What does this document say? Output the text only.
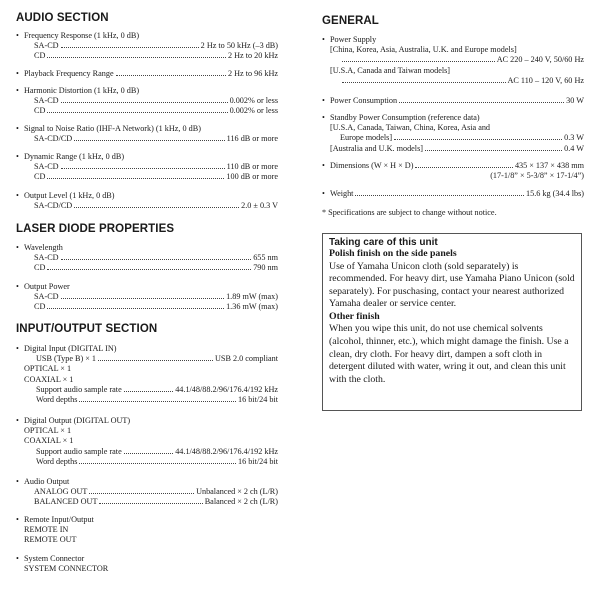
AUDIO SECTION
• Frequency Response (1 kHz, 0 dB)
SA-CD	2 Hz to 50 kHz (–3 dB)
CD	2 Hz to 20 kHz
• Playback Frequency Range	2 Hz to 96 kHz
• Harmonic Distortion (1 kHz, 0 dB)
SA-CD	0.002% or less
CD	0.002% or less
• Signal to Noise Ratio (IHF-A Network) (1 kHz, 0 dB)
SA-CD/CD	116 dB or more
• Dynamic Range (1 kHz, 0 dB)
SA-CD	110 dB or more
CD	100 dB or more
• Output Level (1 kHz, 0 dB)
SA-CD/CD	2.0 ± 0.3 V
LASER DIODE PROPERTIES
• Wavelength
SA-CD	655 nm
CD	790 nm
• Output Power
SA-CD	1.89 mW (max)
CD	1.36 mW (max)
INPUT/OUTPUT SECTION
• Digital Input (DIGITAL IN)
USB (Type B) × 1	USB 2.0 compliant
OPTICAL × 1
COAXIAL × 1
Support audio sample rate	44.1/48/88.2/96/176.4/192 kHz
Word depths	16 bit/24 bit
• Digital Output (DIGITAL OUT)
OPTICAL × 1
COAXIAL × 1
Support audio sample rate	44.1/48/88.2/96/176.4/192 kHz
Word depths	16 bit/24 bit
• Audio Output
ANALOG OUT	Unbalanced × 2 ch (L/R)
BALANCED OUT	Balanced × 2 ch (L/R)
• Remote Input/Output
REMOTE IN
REMOTE OUT
• System Connector
SYSTEM CONNECTOR
GENERAL
• Power Supply
[China, Korea, Asia, Australia, U.K. and Europe models]
AC 220 – 240 V, 50/60 Hz
[U.S.A, Canada and Taiwan models]
AC 110 – 120 V, 60 Hz
• Power Consumption	30 W
• Standby Power Consumption (reference data)
[U.S.A, Canada, Taiwan, China, Korea, Asia and
Europe models]	0.3 W
[Australia and U.K. models]	0.4 W
• Dimensions (W × H × D)	435 × 137 × 438 mm
(17-1/8” × 5-3/8” × 17-1/4”)
• Weight	15.6 kg (34.4 lbs)
* Specifications are subject to change without notice.
Taking care of this unit
Polish finish on the side panels
Use of Yamaha Unicon cloth (sold separately) is recommended. For heavy dirt, use Yamaha Piano Unicon (sold separately). For puschasing, contact your nearest authorized Yamaha dealer or service center.
Other finish
When you wipe this unit, do not use chemical solvents (alcohol, thinner, etc.), which might damage the finish. Use a clean, dry cloth. For heavy dirt, dampen a soft cloth in detergent diluted with water, wring it out, and clean this unit with the cloth.
